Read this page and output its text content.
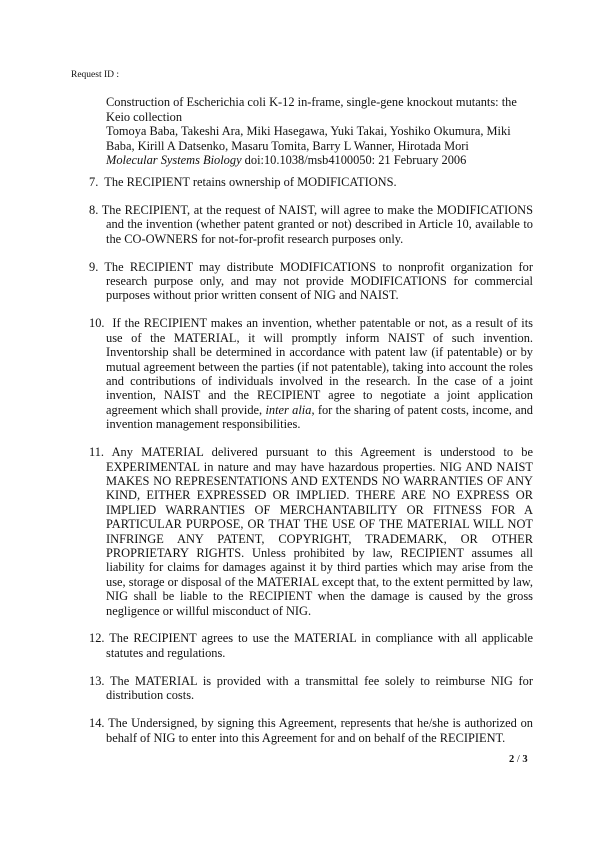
Request ID :
Construction of Escherichia coli K-12 in-frame, single-gene knockout mutants: the Keio collection
Tomoya Baba, Takeshi Ara, Miki Hasegawa, Yuki Takai, Yoshiko Okumura, Miki Baba, Kirill A Datsenko, Masaru Tomita, Barry L Wanner, Hirotada Mori
Molecular Systems Biology doi:10.1038/msb4100050: 21 February 2006

7. The RECIPIENT retains ownership of MODIFICATIONS.

8. The RECIPIENT, at the request of NAIST, will agree to make the MODIFICATIONS and the invention (whether patent granted or not) described in Article 10, available to the CO-OWNERS for not-for-profit research purposes only.

9. The RECIPIENT may distribute MODIFICATIONS to nonprofit organization for research purpose only, and may not provide MODIFICATIONS for commercial purposes without prior written consent of NIG and NAIST.

10. If the RECIPIENT makes an invention, whether patentable or not, as a result of its use of the MATERIAL, it will promptly inform NAIST of such invention. Inventorship shall be determined in accordance with patent law (if patentable) or by mutual agreement between the parties (if not patentable), taking into account the roles and contributions of individuals involved in the research. In the case of a joint invention, NAIST and the RECIPIENT agree to negotiate a joint application agreement which shall provide, inter alia, for the sharing of patent costs, income, and invention management responsibilities.

11. Any MATERIAL delivered pursuant to this Agreement is understood to be EXPERIMENTAL in nature and may have hazardous properties. NIG AND NAIST MAKES NO REPRESENTATIONS AND EXTENDS NO WARRANTIES OF ANY KIND, EITHER EXPRESSED OR IMPLIED. THERE ARE NO EXPRESS OR IMPLIED WARRANTIES OF MERCHANTABILITY OR FITNESS FOR A PARTICULAR PURPOSE, OR THAT THE USE OF THE MATERIAL WILL NOT INFRINGE ANY PATENT, COPYRIGHT, TRADEMARK, OR OTHER PROPRIETARY RIGHTS. Unless prohibited by law, RECIPIENT assumes all liability for claims for damages against it by third parties which may arise from the use, storage or disposal of the MATERIAL except that, to the extent permitted by law, NIG shall be liable to the RECIPIENT when the damage is caused by the gross negligence or willful misconduct of NIG.

12. The RECIPIENT agrees to use the MATERIAL in compliance with all applicable statutes and regulations.

13. The MATERIAL is provided with a transmittal fee solely to reimburse NIG for distribution costs.

14. The Undersigned, by signing this Agreement, represents that he/she is authorized on behalf of NIG to enter into this Agreement for and on behalf of the RECIPIENT.

2 / 3
